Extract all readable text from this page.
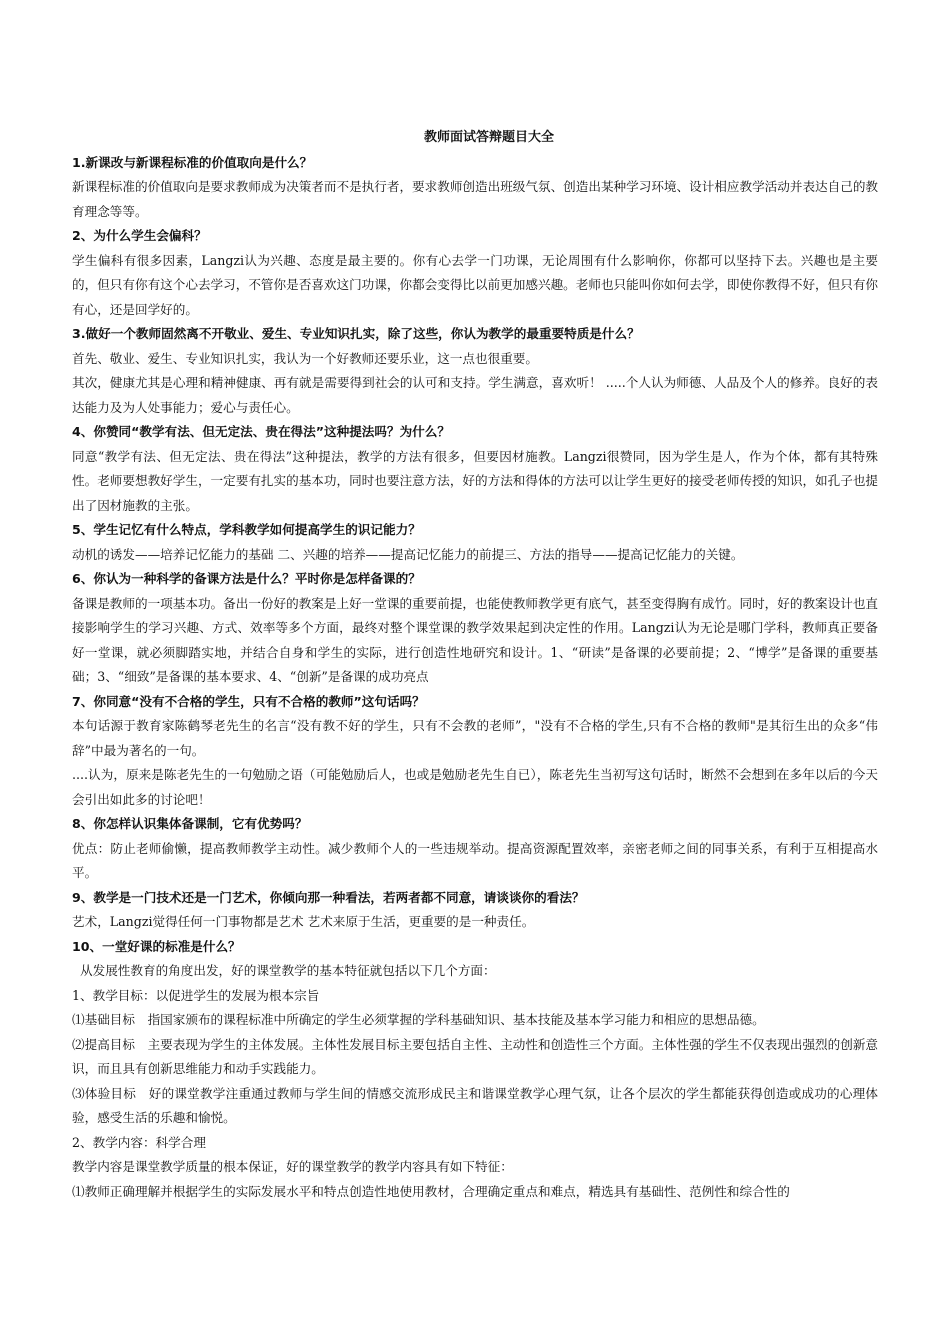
教师面试答辩题目大全
1.新课改与新课程标准的价值取向是什么？
新课程标准的价值取向是要求教师成为决策者而不是执行者，要求教师创造出班级气氛、创造出某种学习环境、设计相应教学活动并表达自己的教育理念等等。
2、为什么学生会偏科？
学生偏科有很多因素，Langzi认为兴趣、态度是最主要的。你有心去学一门功课，无论周围有什么影响你，你都可以坚持下去。兴趣也是主要的，但只有你有这个心去学习，不管你是否喜欢这门功课，你都会变得比以前更加感兴趣。老师也只能叫你如何去学，即使你教得不好，但只有你有心，还是回学好的。
3.做好一个教师固然离不开敬业、爱生、专业知识扎实，除了这些，你认为教学的最重要特质是什么？
首先、敬业、爱生、专业知识扎实，我认为一个好教师还要乐业，这一点也很重要。
其次，健康尤其是心理和精神健康、再有就是需要得到社会的认可和支持。学生满意，喜欢听！ .....个人认为师德、人品及个人的修养。良好的表达能力及为人处事能力；爱心与责任心。
4、你赞同“教学有法、但无定法、贵在得法”这种提法吗？为什么？
同意“教学有法、但无定法、贵在得法”这种提法，教学的方法有很多，但要因材施教。Langzi很赞同，因为学生是人，作为个体，都有其特殊性。老师要想教好学生，一定要有扎实的基本功，同时也要注意方法，好的方法和得体的方法可以让学生更好的接受老师传授的知识，如孔子也提出了因材施教的主张。
5、学生记忆有什么特点，学科教学如何提高学生的识记能力？
动机的诱发——培养记忆能力的基础 二、兴趣的培养——提高记忆能力的前提三、方法的指导——提高记忆能力的关键。
6、你认为一种科学的备课方法是什么？平时你是怎样备课的？
备课是教师的一项基本功。备出一份好的教案是上好一堂课的重要前提，也能使教师教学更有底气，甚至变得胸有成竹。同时，好的教案设计也直接影响学生的学习兴趣、方式、效率等多个方面，最终对整个课堂课的教学效果起到决定性的作用。Langzi认为无论是哪门学科，教师真正要备好一堂课，就必须脚踏实地，并结合自身和学生的实际，进行创造性地研究和设计。1、“研读”是备课的必要前提；2、“博学”是备课的重要基础；3、“细致”是备课的基本要求、4、“创新”是备课的成功亮点
7、你同意“没有不合格的学生，只有不合格的教师”这句话吗？
本句话源于教育家陈鹤琴老先生的名言“没有教不好的学生，只有不会教的老师”，"没有不合格的学生,只有不合格的教师"是其衍生出的众多“伟辞”中最为著名的一句。
....认为，原来是陈老先生的一句勉励之语（可能勉励后人，也或是勉励老先生自已），陈老先生当初写这句话时，断然不会想到在多年以后的今天会引出如此多的讨论吧！
8、你怎样认识集体备课制，它有优势吗？
优点：防止老师偷懒，提高教师教学主动性。减少教师个人的一些违规举动。提高资源配置效率，亲密老师之间的同事关系，有利于互相提高水平。
9、教学是一门技术还是一门艺术，你倾向那一种看法，若两者都不同意，请谈谈你的看法？
艺术，Langzi觉得任何一门事物都是艺术 艺术来原于生活，更重要的是一种责任。
10、一堂好课的标准是什么？
从发展性教育的角度出发，好的课堂教学的基本特征就包括以下几个方面：
1、教学目标：以促进学生的发展为根本宗旨
⑴基础目标　指国家颁布的课程标准中所确定的学生必须掌握的学科基础知识、基本技能及基本学习能力和相应的思想品德。
⑵提高目标　主要表现为学生的主体发展。主体性发展目标主要包括自主性、主动性和创造性三个方面。主体性强的学生不仅表现出强烈的创新意识，而且具有创新思维能力和动手实践能力。
⑶体验目标　好的课堂教学注重通过教师与学生间的情感交流形成民主和谐课堂教学心理气氛，让各个层次的学生都能获得创造或成功的心理体验，感受生活的乐趣和愉悦。
2、教学内容：科学合理
教学内容是课堂教学质量的根本保证，好的课堂教学的教学内容具有如下特征：
⑴教师正确理解并根据学生的实际发展水平和特点创造性地使用教材，合理确定重点和难点，精选具有基础性、范例性和综合性的
